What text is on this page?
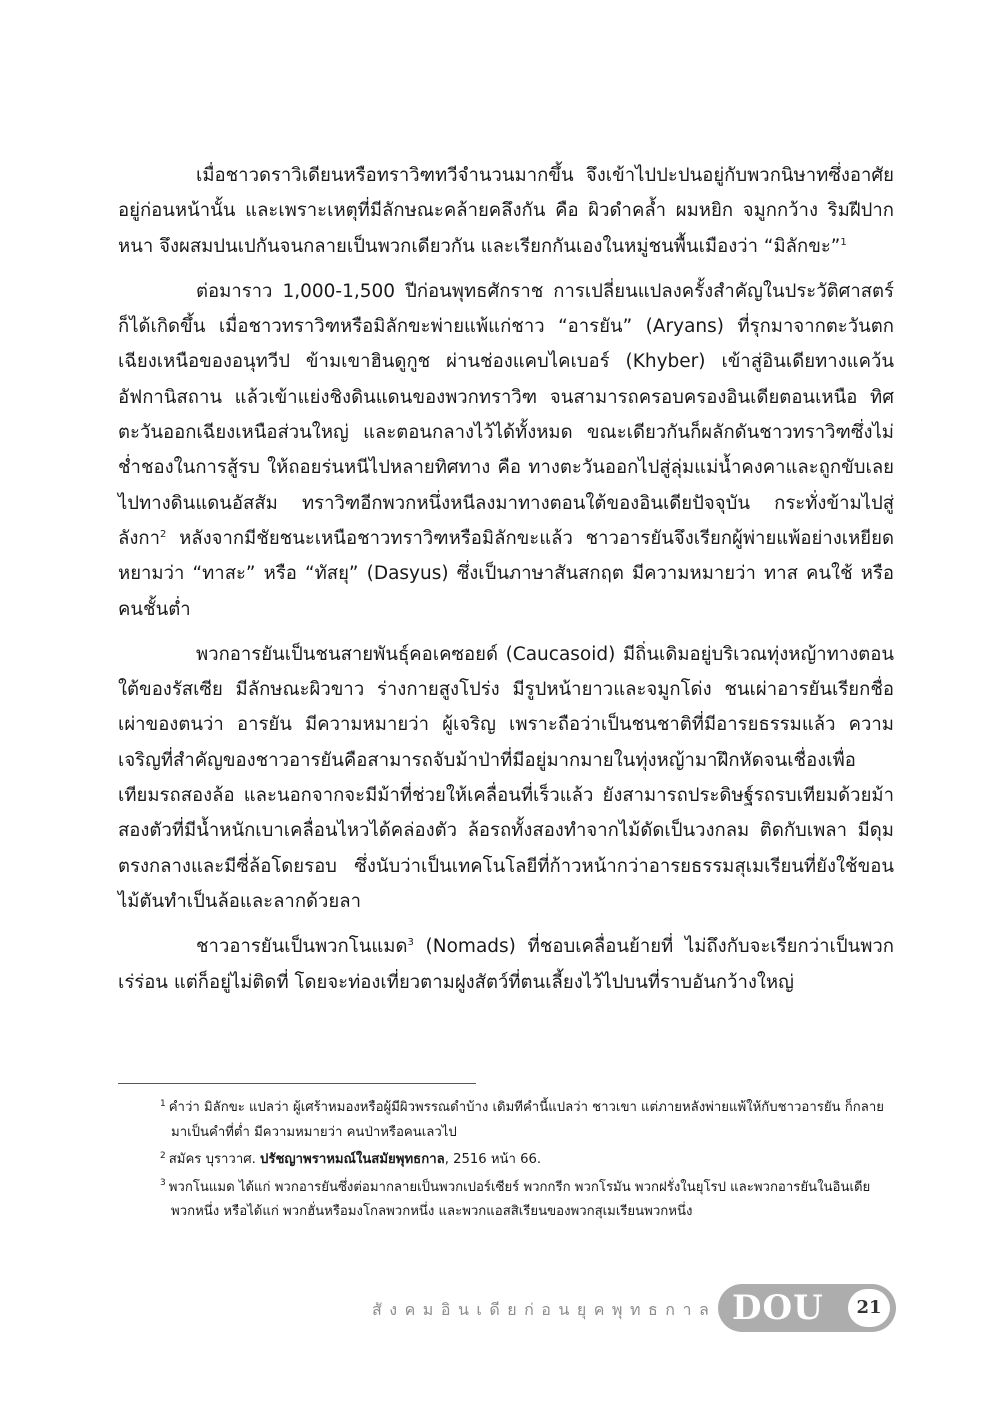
เมื่อชาวดราวิเดียนหรือทราวิฑทวีจำนวนมากขึ้น จึงเข้าไปปะปนอยู่กับพวกนิษาทซึ่งอาศัยอยู่ก่อนหน้านั้น และเพราะเหตุที่มีลักษณะคล้ายคลึงกัน คือ ผิวดำคล้ำ ผมหยิก จมูกกว้าง ริมฝีปากหนา จึงผสมปนเปกันจนกลายเป็นพวกเดียวกัน และเรียกกันเองในหมู่ชนพื้นเมืองว่า “มิลักขะ”$^1$

ต่อมาราว 1,000-1,500 ปีก่อนพุทธศักราช การเปลี่ยนแปลงครั้งสำคัญในประวัติศาสตร์ก็ได้เกิดขึ้น เมื่อชาวทราวิฑหรือมิลักขะพ่ายแพ้แก่ชาว “อารยัน” (Aryans) ที่รุกมาจากตะวันตกเฉียงเหนือของอนุทวีป ข้ามเขาฮินดูกูช ผ่านช่องแคบไคเบอร์ (Khyber) เข้าสู่อินเดียทางแคว้นอัฟกานิสถาน แล้วเข้าแย่งชิงดินแดนของพวกทราวิฑ จนสามารถครอบครองอินเดียตอนเหนือ ทิศตะวันออกเฉียงเหนือส่วนใหญ่ และตอนกลางไว้ได้ทั้งหมด ขณะเดียวกันก็ผลักดันชาวทราวิฑซึ่งไม่ช่ำชองในการสู้รบ ให้ถอยร่นหนีไปหลายทิศทาง คือ ทางตะวันออกไปสู่ลุ่มแม่น้ำคงคาและถูกขับเลยไปทางดินแดนอัสสัม ทราวิฑอีกพวกหนึ่งหนีลงมาทางตอนใต้ของอินเดียปัจจุบัน กระทั่งข้ามไปสู่ลังกา$^2$ หลังจากมีชัยชนะเหนือชาวทราวิฑหรือมิลักขะแล้ว ชาวอารยันจึงเรียกผู้พ่ายแพ้อย่างเหยียดหยามว่า “ทาสะ” หรือ “ทัสยุ” (Dasyus) ซึ่งเป็นภาษาสันสกฤต มีความหมายว่า ทาส คนใช้ หรือคนชั้นต่ำ

พวกอารยันเป็นชนสายพันธุ์คอเคซอยด์ (Caucasoid) มีถิ่นเดิมอยู่บริเวณทุ่งหญ้าทางตอนใต้ของรัสเซีย มีลักษณะผิวขาว ร่างกายสูงโปร่ง มีรูปหน้ายาวและจมูกโด่ง ชนเผ่าอารยันเรียกชื่อเผ่าของตนว่า อารยัน มีความหมายว่า ผู้เจริญ เพราะถือว่าเป็นชนชาติที่มีอารยธรรมแล้ว ความเจริญที่สำคัญของชาวอารยันคือสามารถจับม้าป่าที่มีอยู่มากมายในทุ่งหญ้ามาฝึกหัดจนเชื่องเพื่อเทียมรถสองล้อ และนอกจากจะมีม้าที่ช่วยให้เคลื่อนที่เร็วแล้ว ยังสามารถประดิษฐ์รถรบเทียมด้วยม้าสองตัวที่มีน้ำหนักเบาเคลื่อนไหวได้คล่องตัว ล้อรถทั้งสองทำจากไม้ดัดเป็นวงกลม ติดกับเพลา มีดุมตรงกลางและมีซี่ล้อโดยรอบ ซึ่งนับว่าเป็นเทคโนโลยีที่ก้าวหน้ากว่าอารยธรรมสุเมเรียนที่ยังใช้ขอนไม้ตันทำเป็นล้อและลากด้วยลา

ชาวอารยันเป็นพวกโนแมด$^3$ (Nomads) ที่ชอบเคลื่อนย้ายที่ ไม่ถึงกับจะเรียกว่าเป็นพวกเร่ร่อน แต่ก็อยู่ไม่ติดที่ โดยจะท่องเที่ยวตามฝูงสัตว์ที่ตนเลี้ยงไว้ไปบนที่ราบอันกว้างใหญ่

$^1$ คำว่า มิลักขะ แปลว่า ผู้เศร้าหมองหรือผู้มีผิวพรรณดำบ้าง เดิมทีคำนี้แปลว่า ชาวเขา แต่ภายหลังพ่ายแพ้ให้กับชาวอารยัน ก็กลายมาเป็นคำที่ต่ำ มีความหมายว่า คนป่าหรือคนเลวไป

$^2$ สมัคร บุราวาศ. ปรัชญาพราหมณ์ในสมัยพุทธกาล, 2516 หน้า 66.

$^3$ พวกโนแมด ได้แก่ พวกอารยันซึ่งต่อมากลายเป็นพวกเปอร์เซียร์ พวกกรีก พวกโรมัน พวกฝรั่งในยุโรป และพวกอารยันในอินเดียพวกหนึ่ง หรือได้แก่ พวกฮั่นหรือมงโกลพวกหนึ่ง และพวกแอสสิเรียนของพวกสุเมเรียนพวกหนึ่ง

สังคมอินเดียก่อนยุคพุทธกาล DOU	21
